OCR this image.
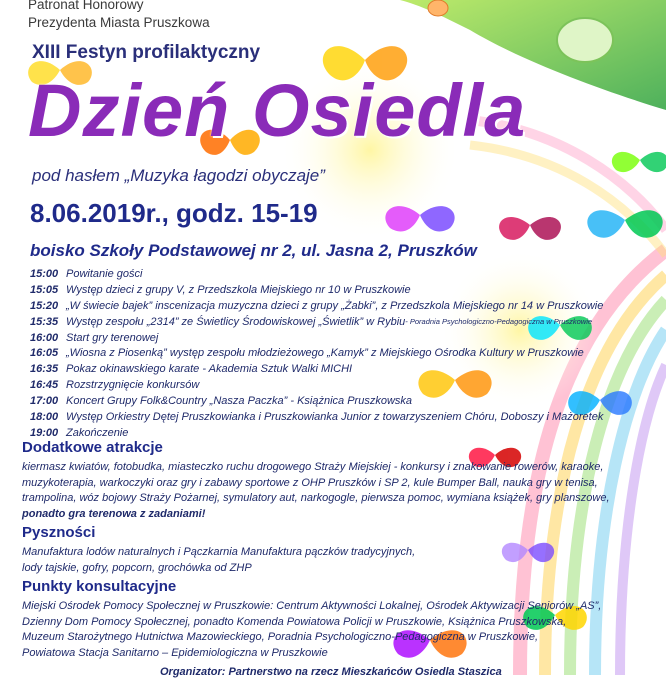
Patronat Honorowy
Prezydenta Miasta Pruszkowa
XIII Festyn profilaktyczny
Dzień Osiedla
pod hasłem „Muzyka łagodzi obyczaje”
8.06.2019r., godz. 15-19
boisko Szkoły Podstawowej nr 2, ul. Jasna 2, Pruszków
15:00 Powitanie gości
15:05 Występ dzieci z grupy V, z Przedszkola Miejskiego nr 10 w Pruszkowie
15:20 „W świecie bajek” inscenizacja muzyczna dzieci z grupy „Żabki”, z Przedszkola Miejskiego nr 14 w Pruszkowie
15:35 Występ zespołu „2314” ze Świetlicy Środowiskowej „Świetlik” w Rybiu - Poradnia Psychologiczno-Pedagogiczna w Pruszkowie
16:00 Start gry terenowej
16:05 „Wiosna z Piosenką” występ zespołu młodzieżowego „Kamyk” z Miejskiego Ośrodka Kultury w Pruszkowie
16:35 Pokaz okinawskiego karate - Akademia Sztuk Walki MICHI
16:45 Rozstrzygnięcie konkursów
17:00 Koncert Grupy Folk&Country „Nasza Paczka” - Książnica Pruszkowska
18:00 Występ Orkiestry Dętej Pruszkowianka i Pruszkowianka Junior z towarzyszeniem Chóru, Doboszy i Mażoretek
19:00 Zakończenie
Dodatkowe atrakcje
kiermasz kwiatów, fotobudka, miasteczko ruchu drogowego Straży Miejskiej - konkursy i znakowanie rowerów, karaoke,
muzykoterapia, warkoczyki oraz gry i zabawy sportowe z OHP Pruszków i SP 2, kule Bumper Ball, nauka gry w tenisa,
trampolina, wóz bojowy Straży Pożarnej, symulatory aut, narkogogle, pierwsza pomoc, wymiana książek, gry planszowe,
ponadto gra terenowa z zadaniami!
Pyszności
Manufaktura lodów naturalnych i Pączkarnia Manufaktura pączków tradycyjnych,
lody tajskie, gofry, popcorn, grochówka od ZHP
Punkty konsultacyjne
Miejski Ośrodek Pomocy Społecznej w Pruszkowie: Centrum Aktywności Lokalnej, Ośrodek Aktywizacji Seniorów „AS”,
Dzienny Dom Pomocy Społecznej, ponadto Komenda Powiatowa Policji w Pruszkowie, Książnica Pruszkowska,
Muzeum Starożytnego Hutnictwa Mazowieckiego, Poradnia Psychologiczno-Pedagogiczna w Pruszkowie,
Powiatowa Stacja Sanitarno – Epidemiologiczna w Pruszkowie
Organizator: Partnerstwo na rzecz Mieszkańców Osiedla Staszica
